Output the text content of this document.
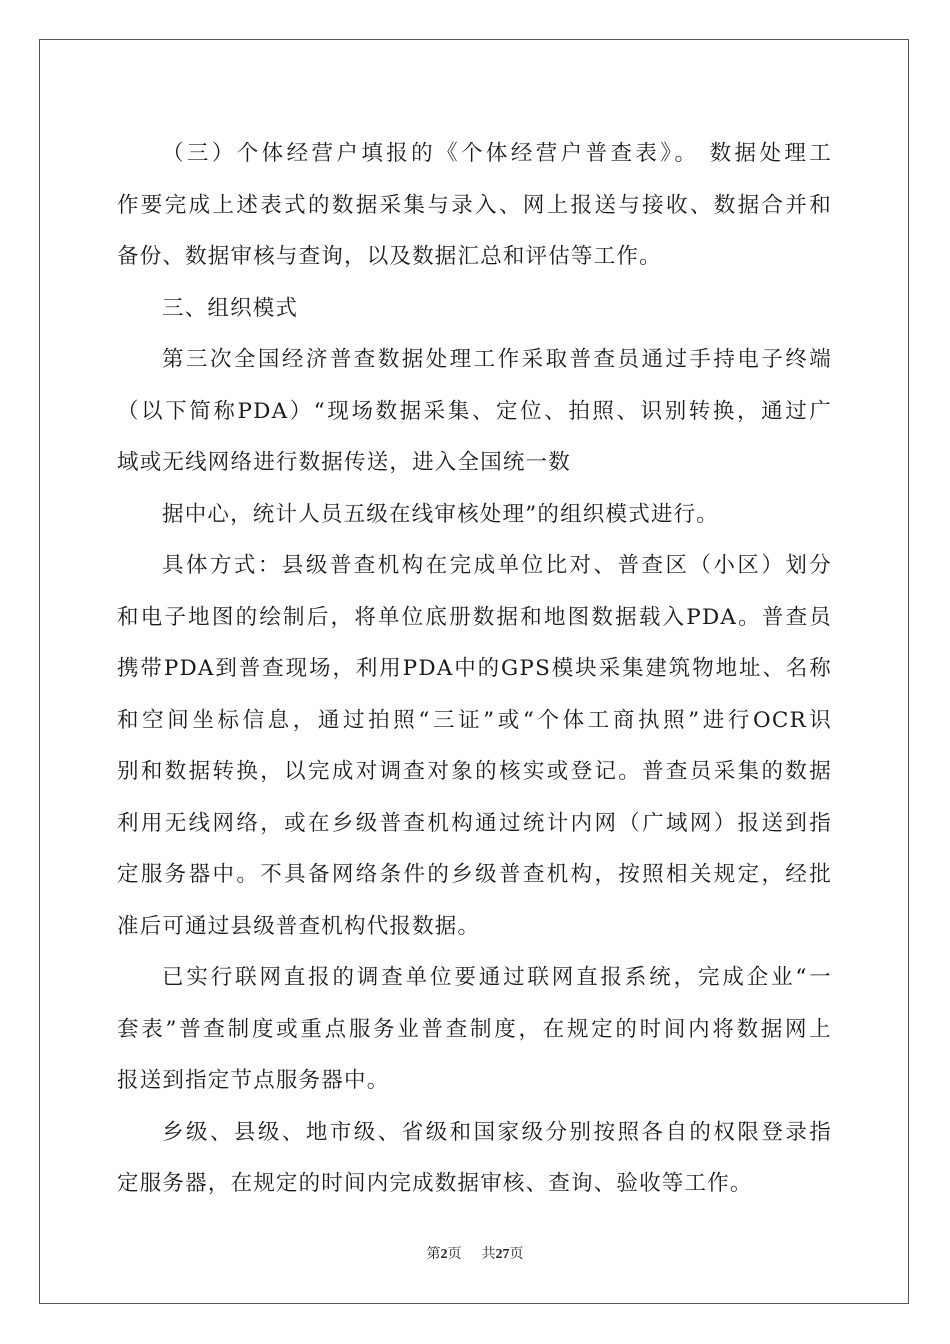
（三）个体经营户填报的《个体经营户普查表》。 数据处理工
作要完成上述表式的数据采集与录入、网上报送与接收、数据合并和
备份、数据审核与查询，以及数据汇总和评估等工作。
三、组织模式
第三次全国经济普查数据处理工作采取普查员通过手持电子终端
（以下简称PDA）“现场数据采集、定位、拍照、识别转换，通过广
域或无线网络进行数据传送，进入全国统一数
据中心，统计人员五级在线审核处理”的组织模式进行。
具体方式：县级普查机构在完成单位比对、普查区（小区）划分
和电子地图的绘制后，将单位底册数据和地图数据载入PDA。普查员
携带PDA到普查现场，利用PDA中的GPS模块采集建筑物地址、名称
和空间坐标信息，通过拍照“三证”或“个体工商执照”进行OCR识
别和数据转换，以完成对调查对象的核实或登记。普查员采集的数据
利用无线网络，或在乡级普查机构通过统计内网（广域网）报送到指
定服务器中。不具备网络条件的乡级普查机构，按照相关规定，经批
准后可通过县级普查机构代报数据。
已实行联网直报的调查单位要通过联网直报系统，完成企业“一
套表”普查制度或重点服务业普查制度，在规定的时间内将数据网上
报送到指定节点服务器中。
乡级、县级、地市级、省级和国家级分别按照各自的权限登录指
定服务器，在规定的时间内完成数据审核、查询、验收等工作。
第2页 共27页
